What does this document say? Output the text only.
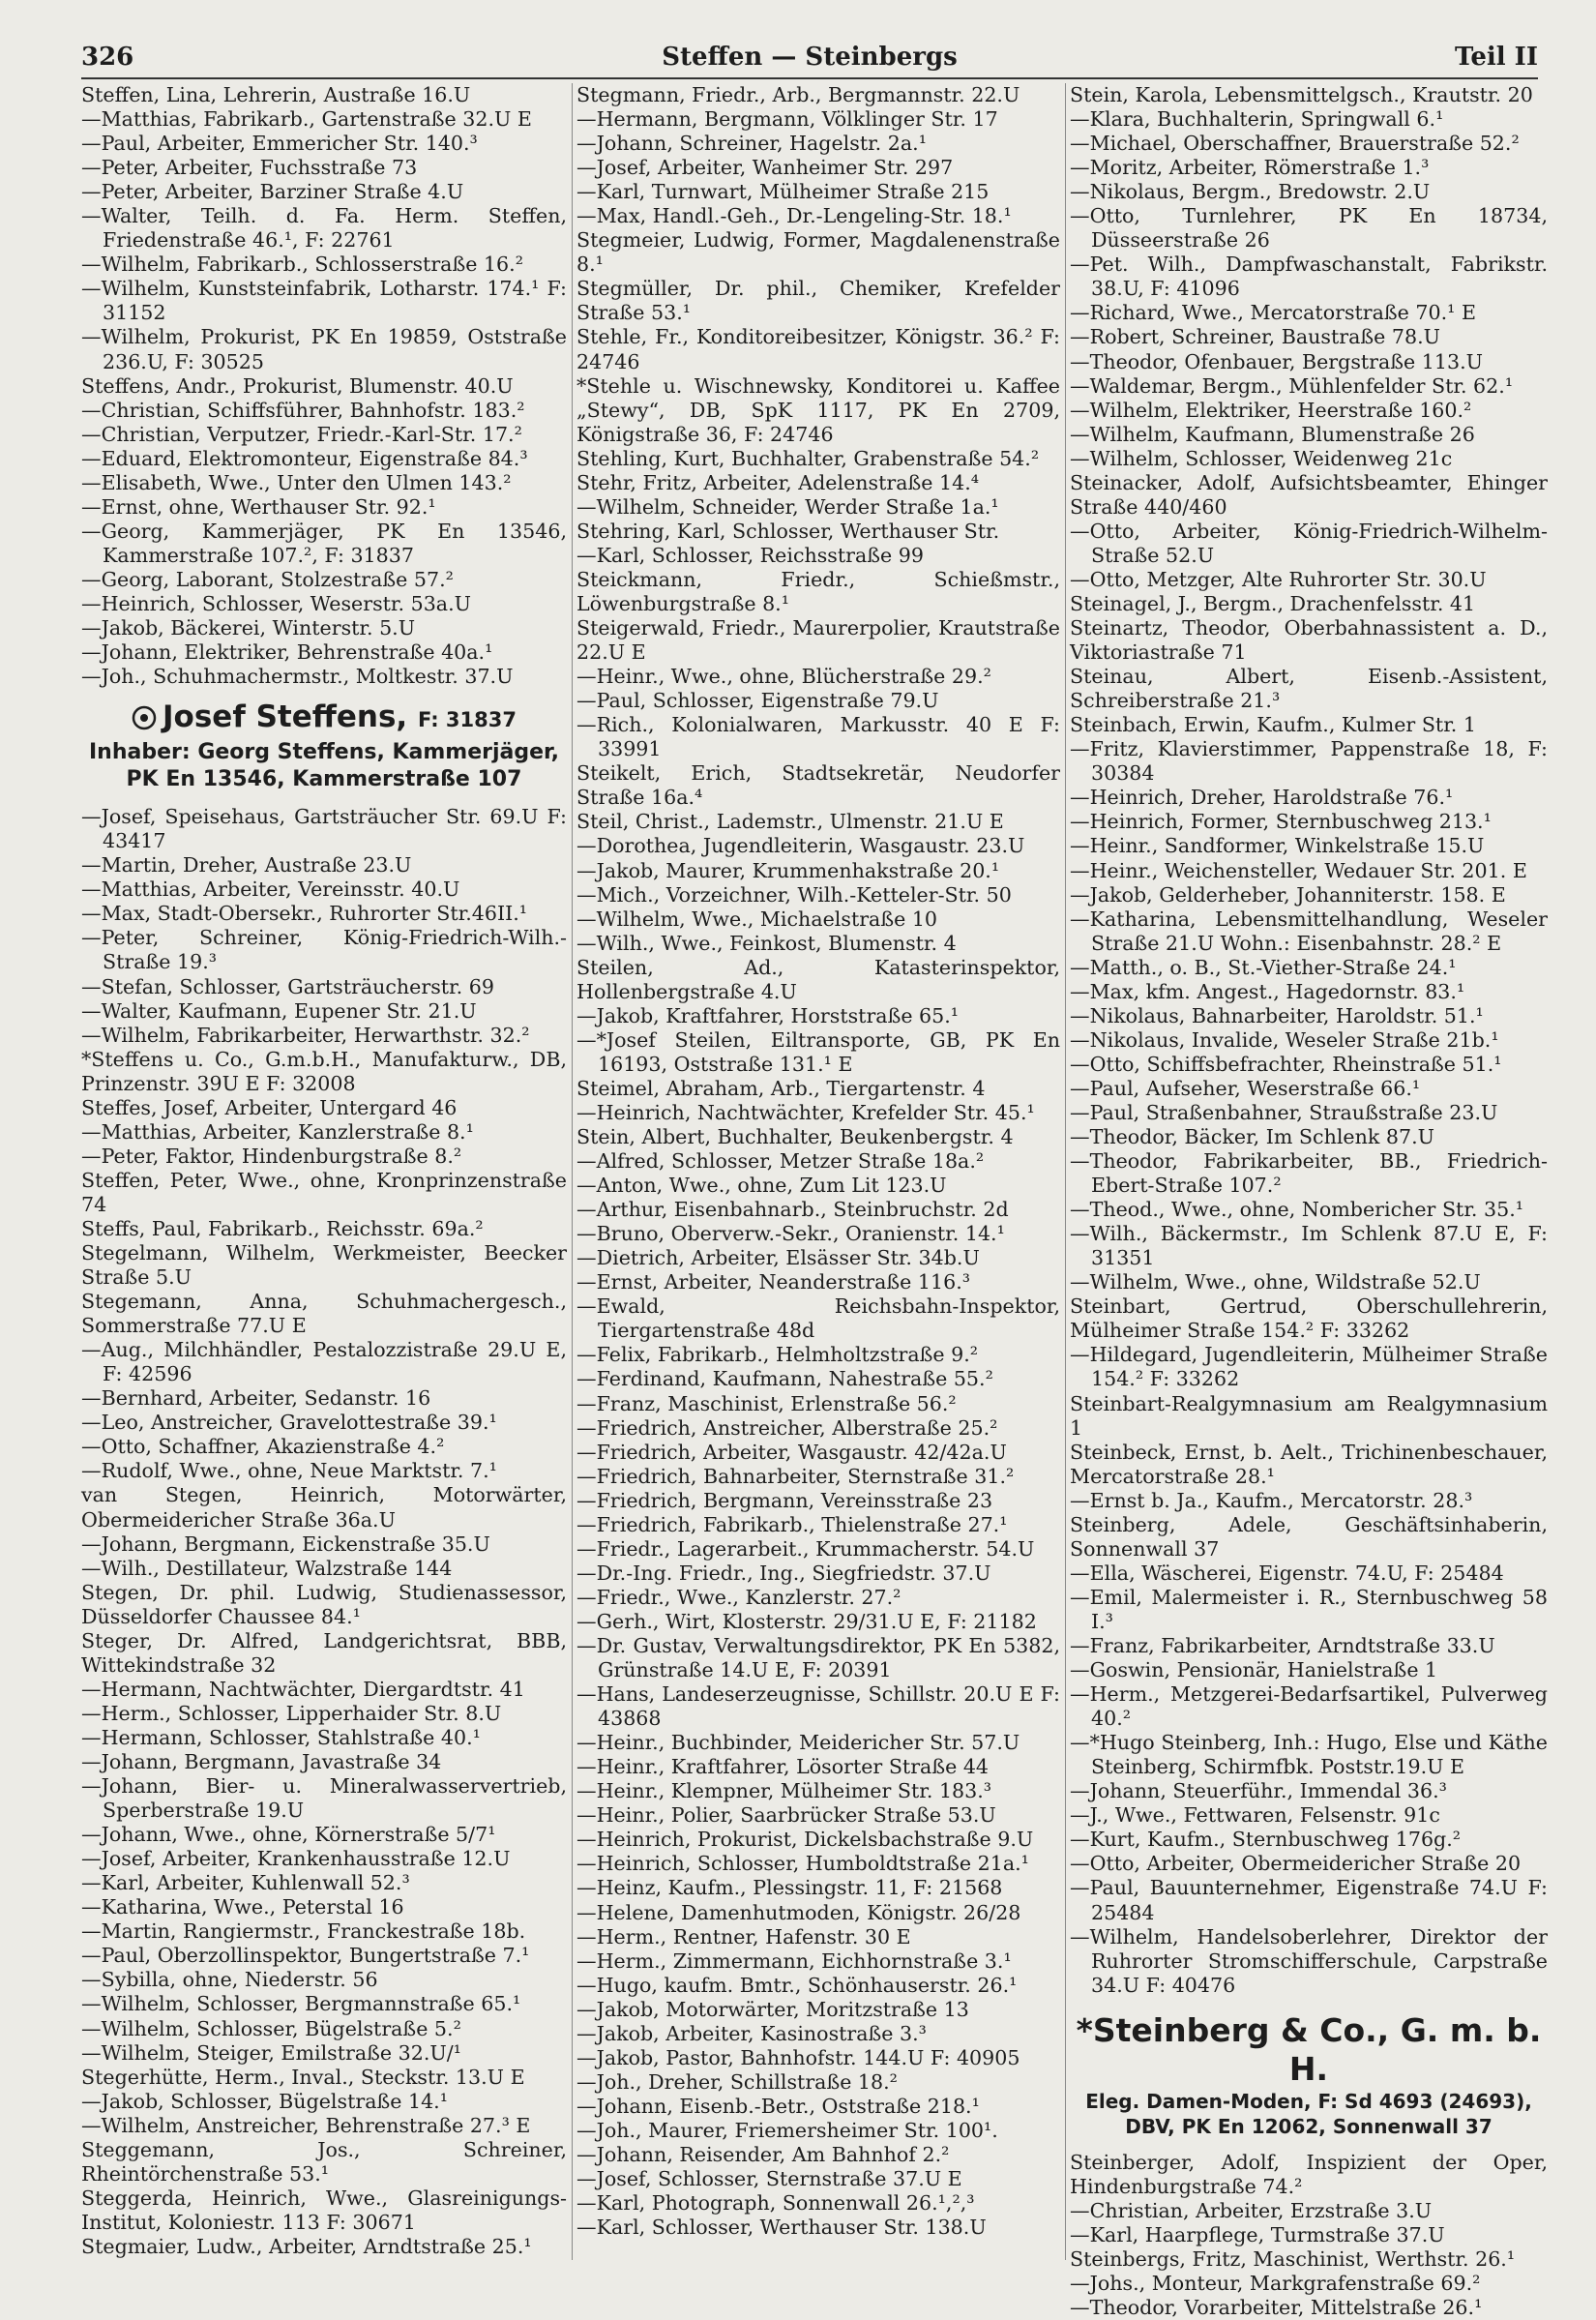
326	Steffen — Steinbergs	Teil II

Steffen, Lina, Lehrerin, Austraße 16.U

—Matthias, Fabrikarb., Gartenstraße 32.U E

—Paul, Arbeiter, Emmericher Str. 140.³

—Peter, Arbeiter, Fuchsstraße 73

—Peter, Arbeiter, Barziner Straße 4.U

—Walter, Teilh. d. Fa. Herm. Steffen, Friedenstraße 46.¹, F: 22761

—Wilhelm, Fabrikarb., Schlosserstraße 16.²

—Wilhelm, Kunststeinfabrik, Lotharstr. 174.¹ F: 31152

—Wilhelm, Prokurist, PK En 19859, Oststraße 236.U, F: 30525

Steffens, Andr., Prokurist, Blumenstr. 40.U

—Christian, Schiffsführer, Bahnhofstr. 183.²

—Christian, Verputzer, Friedr.-Karl-Str. 17.²

—Eduard, Elektromonteur, Eigenstraße 84.³

—Elisabeth, Wwe., Unter den Ulmen 143.²

—Ernst, ohne, Werthauser Str. 92.¹

—Georg, Kammerjäger, PK En 13546, Kammerstraße 107.², F: 31837

—Georg, Laborant, Stolzestraße 57.²

—Heinrich, Schlosser, Weserstr. 53a.U

—Jakob, Bäckerei, Winterstr. 5.U

—Johann, Elektriker, Behrenstraße 40a.¹

—Joh., Schuhmachermstr., Moltkestr. 37.U

Josef Steffens, F: 31837
Inhaber: Georg Steffens, Kammerjäger,
PK En 13546, Kammerstraße 107

—Josef, Speisehaus, Gartsträucher Str. 69.U F: 43417

—Martin, Dreher, Austraße 23.U

—Matthias, Arbeiter, Vereinsstr. 40.U

—Max, Stadt-Obersekr., Ruhrorter Str.46II.¹

—Peter, Schreiner, König-Friedrich-Wilh.-Straße 19.³

—Stefan, Schlosser, Gartsträucherstr. 69

—Walter, Kaufmann, Eupener Str. 21.U

—Wilhelm, Fabrikarbeiter, Herwarthstr. 32.²

*Steffens u. Co., G.m.b.H., Manufakturw., DB, Prinzenstr. 39U E F: 32008

Steffes, Josef, Arbeiter, Untergard 46

—Matthias, Arbeiter, Kanzlerstraße 8.¹

—Peter, Faktor, Hindenburgstraße 8.²

Steffen, Peter, Wwe., ohne, Kronprinzenstraße 74

Steffs, Paul, Fabrikarb., Reichsstr. 69a.²

Stegelmann, Wilhelm, Werkmeister, Beecker Straße 5.U

Stegemann, Anna, Schuhmachergesch., Sommerstraße 77.U E

—Aug., Milchhändler, Pestalozzistraße 29.U E, F: 42596

—Bernhard, Arbeiter, Sedanstr. 16

—Leo, Anstreicher, Gravelottestraße 39.¹

—Otto, Schaffner, Akazienstraße 4.²

—Rudolf, Wwe., ohne, Neue Marktstr. 7.¹

van Stegen, Heinrich, Motorwärter, Obermeidericher Straße 36a.U

—Johann, Bergmann, Eickenstraße 35.U

—Wilh., Destillateur, Walzstraße 144

Stegen, Dr. phil. Ludwig, Studienassessor, Düsseldorfer Chaussee 84.¹

Steger, Dr. Alfred, Landgerichtsrat, BBB, Wittekindstraße 32

—Hermann, Nachtwächter, Diergardtstr. 41

—Herm., Schlosser, Lipperhaider Str. 8.U

—Hermann, Schlosser, Stahlstraße 40.¹

—Johann, Bergmann, Javastraße 34

—Johann, Bier- u. Mineralwasservertrieb, Sperberstraße 19.U

—Johann, Wwe., ohne, Körnerstraße 5/7¹

—Josef, Arbeiter, Krankenhausstraße 12.U

—Karl, Arbeiter, Kuhlenwall 52.³

—Katharina, Wwe., Peterstal 16

—Martin, Rangiermstr., Franckestraße 18b.

—Paul, Oberzollinspektor, Bungertstraße 7.¹

—Sybilla, ohne, Niederstr. 56

—Wilhelm, Schlosser, Bergmannstraße 65.¹

—Wilhelm, Schlosser, Bügelstraße 5.²

—Wilhelm, Steiger, Emilstraße 32.U/¹

Stegerhütte, Herm., Inval., Steckstr. 13.U E

—Jakob, Schlosser, Bügelstraße 14.¹

—Wilhelm, Anstreicher, Behrenstraße 27.³ E

Steggemann, Jos., Schreiner, Rheintörchenstraße 53.¹

Steggerda, Heinrich, Wwe., Glasreinigungs-Institut, Koloniestr. 113 F: 30671

Stegmaier, Ludw., Arbeiter, Arndtstraße 25.¹

Stegmann, Friedr., Arb., Bergmannstr. 22.U

—Hermann, Bergmann, Völklinger Str. 17

—Johann, Schreiner, Hagelstr. 2a.¹

—Josef, Arbeiter, Wanheimer Str. 297

—Karl, Turnwart, Mülheimer Straße 215

—Max, Handl.-Geh., Dr.-Lengeling-Str. 18.¹

Stegmeier, Ludwig, Former, Magdalenenstraße 8.¹

Stegmüller, Dr. phil., Chemiker, Krefelder Straße 53.¹

Stehle, Fr., Konditoreibesitzer, Königstr. 36.² F: 24746

*Stehle u. Wischnewsky, Konditorei u. Kaffee „Stewy“, DB, SpK 1117, PK En 2709, Königstraße 36, F: 24746

Stehling, Kurt, Buchhalter, Grabenstraße 54.²

Stehr, Fritz, Arbeiter, Adelenstraße 14.⁴

—Wilhelm, Schneider, Werder Straße 1a.¹

Stehring, Karl, Schlosser, Werthauser Str.

—Karl, Schlosser, Reichsstraße 99

Steickmann, Friedr., Schießmstr., Löwenburgstraße 8.¹

Steigerwald, Friedr., Maurerpolier, Krautstraße 22.U E

—Heinr., Wwe., ohne, Blücherstraße 29.²

—Paul, Schlosser, Eigenstraße 79.U

—Rich., Kolonialwaren, Markusstr. 40 E F: 33991

Steikelt, Erich, Stadtsekretär, Neudorfer Straße 16a.⁴

Steil, Christ., Lademstr., Ulmenstr. 21.U E

—Dorothea, Jugendleiterin, Wasgaustr. 23.U

—Jakob, Maurer, Krummenhakstraße 20.¹

—Mich., Vorzeichner, Wilh.-Ketteler-Str. 50

—Wilhelm, Wwe., Michaelstraße 10

—Wilh., Wwe., Feinkost, Blumenstr. 4

Steilen, Ad., Katasterinspektor, Hollenbergstraße 4.U

—Jakob, Kraftfahrer, Horststraße 65.¹

—*Josef Steilen, Eiltransporte, GB, PK En 16193, Oststraße 131.¹ E

Steimel, Abraham, Arb., Tiergartenstr. 4

—Heinrich, Nachtwächter, Krefelder Str. 45.¹

Stein, Albert, Buchhalter, Beukenbergstr. 4

—Alfred, Schlosser, Metzer Straße 18a.²

—Anton, Wwe., ohne, Zum Lit 123.U

—Arthur, Eisenbahnarb., Steinbruchstr. 2d

—Bruno, Oberverw.-Sekr., Oranienstr. 14.¹

—Dietrich, Arbeiter, Elsässer Str. 34b.U

—Ernst, Arbeiter, Neanderstraße 116.³

—Ewald, Reichsbahn-Inspektor, Tiergartenstraße 48d

—Felix, Fabrikarb., Helmholtzstraße 9.²

—Ferdinand, Kaufmann, Nahestraße 55.²

—Franz, Maschinist, Erlenstraße 56.²

—Friedrich, Anstreicher, Alberstraße 25.²

—Friedrich, Arbeiter, Wasgaustr. 42/42a.U

—Friedrich, Bahnarbeiter, Sternstraße 31.²

—Friedrich, Bergmann, Vereinsstraße 23

—Friedrich, Fabrikarb., Thielenstraße 27.¹

—Friedr., Lagerarbeit., Krummacherstr. 54.U

—Dr.-Ing. Friedr., Ing., Siegfriedstr. 37.U

—Friedr., Wwe., Kanzlerstr. 27.²

—Gerh., Wirt, Klosterstr. 29/31.U E, F: 21182

—Dr. Gustav, Verwaltungsdirektor, PK En 5382, Grünstraße 14.U E, F: 20391

—Hans, Landeserzeugnisse, Schillstr. 20.U E F: 43868

—Heinr., Buchbinder, Meidericher Str. 57.U

—Heinr., Kraftfahrer, Lösorter Straße 44

—Heinr., Klempner, Mülheimer Str. 183.³

—Heinr., Polier, Saarbrücker Straße 53.U

—Heinrich, Prokurist, Dickelsbachstraße 9.U

—Heinrich, Schlosser, Humboldtstraße 21a.¹

—Heinz, Kaufm., Plessingstr. 11, F: 21568

—Helene, Damenhutmoden, Königstr. 26/28

—Herm., Rentner, Hafenstr. 30 E

—Herm., Zimmermann, Eichhornstraße 3.¹

—Hugo, kaufm. Bmtr., Schönhauserstr. 26.¹

—Jakob, Motorwärter, Moritzstraße 13

—Jakob, Arbeiter, Kasinostraße 3.³

—Jakob, Pastor, Bahnhofstr. 144.U F: 40905

—Joh., Dreher, Schillstraße 18.²

—Johann, Eisenb.-Betr., Oststraße 218.¹

—Joh., Maurer, Friemersheimer Str. 100¹.

—Johann, Reisender, Am Bahnhof 2.²

—Josef, Schlosser, Sternstraße 37.U E

—Karl, Photograph, Sonnenwall 26.¹,²,³

—Karl, Schlosser, Werthauser Str. 138.U

Stein, Karola, Lebensmittelgsch., Krautstr. 20

—Klara, Buchhalterin, Springwall 6.¹

—Michael, Oberschaffner, Brauerstraße 52.²

—Moritz, Arbeiter, Römerstraße 1.³

—Nikolaus, Bergm., Bredowstr. 2.U

—Otto, Turnlehrer, PK En 18734, Düsseerstraße 26

—Pet. Wilh., Dampfwaschanstalt, Fabrikstr. 38.U, F: 41096

—Richard, Wwe., Mercatorstraße 70.¹ E

—Robert, Schreiner, Baustraße 78.U

—Theodor, Ofenbauer, Bergstraße 113.U

—Waldemar, Bergm., Mühlenfelder Str. 62.¹

—Wilhelm, Elektriker, Heerstraße 160.²

—Wilhelm, Kaufmann, Blumenstraße 26

—Wilhelm, Schlosser, Weidenweg 21c

Steinacker, Adolf, Aufsichtsbeamter, Ehinger Straße 440/460

—Otto, Arbeiter, König-Friedrich-Wilhelm-Straße 52.U

—Otto, Metzger, Alte Ruhrorter Str. 30.U

Steinagel, J., Bergm., Drachenfelsstr. 41

Steinartz, Theodor, Oberbahnassistent a. D., Viktoriastraße 71

Steinau, Albert, Eisenb.-Assistent, Schreiberstraße 21.³

Steinbach, Erwin, Kaufm., Kulmer Str. 1

—Fritz, Klavierstimmer, Pappenstraße 18, F: 30384

—Heinrich, Dreher, Haroldstraße 76.¹

—Heinrich, Former, Sternbuschweg 213.¹

—Heinr., Sandformer, Winkelstraße 15.U

—Heinr., Weichensteller, Wedauer Str. 201. E

—Jakob, Gelderheber, Johanniterstr. 158. E

—Katharina, Lebensmittelhandlung, Weseler Straße 21.U Wohn.: Eisenbahnstr. 28.² E

—Matth., o. B., St.-Viether-Straße 24.¹

—Max, kfm. Angest., Hagedornstr. 83.¹

—Nikolaus, Bahnarbeiter, Haroldstr. 51.¹

—Nikolaus, Invalide, Weseler Straße 21b.¹

—Otto, Schiffsbefrachter, Rheinstraße 51.¹

—Paul, Aufseher, Weserstraße 66.¹

—Paul, Straßenbahner, Straußstraße 23.U

—Theodor, Bäcker, Im Schlenk 87.U

—Theodor, Fabrikarbeiter, BB., Friedrich-Ebert-Straße 107.²

—Theod., Wwe., ohne, Nombericher Str. 35.¹

—Wilh., Bäckermstr., Im Schlenk 87.U E, F: 31351

—Wilhelm, Wwe., ohne, Wildstraße 52.U

Steinbart, Gertrud, Oberschullehrerin, Mülheimer Straße 154.² F: 33262

—Hildegard, Jugendleiterin, Mülheimer Straße 154.² F: 33262

Steinbart-Realgymnasium am Realgymnasium 1

Steinbeck, Ernst, b. Aelt., Trichinenbeschauer, Mercatorstraße 28.¹

—Ernst b. Ja., Kaufm., Mercatorstr. 28.³

Steinberg, Adele, Geschäftsinhaberin, Sonnenwall 37

—Ella, Wäscherei, Eigenstr. 74.U, F: 25484

—Emil, Malermeister i. R., Sternbuschweg 58 I.³

—Franz, Fabrikarbeiter, Arndtstraße 33.U

—Goswin, Pensionär, Hanielstraße 1

—Herm., Metzgerei-Bedarfsartikel, Pulverweg 40.²

—*Hugo Steinberg, Inh.: Hugo, Else und Käthe Steinberg, Schirmfbk. Poststr.19.U E

—Johann, Steuerführ., Immendal 36.³

—J., Wwe., Fettwaren, Felsenstr. 91c

—Kurt, Kaufm., Sternbuschweg 176g.²

—Otto, Arbeiter, Obermeidericher Straße 20

—Paul, Bauunternehmer, Eigenstraße 74.U F: 25484

—Wilhelm, Handelsoberlehrer, Direktor der Ruhrorter Stromschifferschule, Carpstraße 34.U F: 40476

*Steinberg & Co., G. m. b. H.
Eleg. Damen-Moden, F: Sd 4693 (24693),
DBV, PK En 12062, Sonnenwall 37

Steinberger, Adolf, Inspizient der Oper, Hindenburgstraße 74.²

—Christian, Arbeiter, Erzstraße 3.U

—Karl, Haarpflege, Turmstraße 37.U

Steinbergs, Fritz, Maschinist, Werthstr. 26.¹

—Johs., Monteur, Markgrafenstraße 69.²

—Theodor, Vorarbeiter, Mittelstraße 26.¹
